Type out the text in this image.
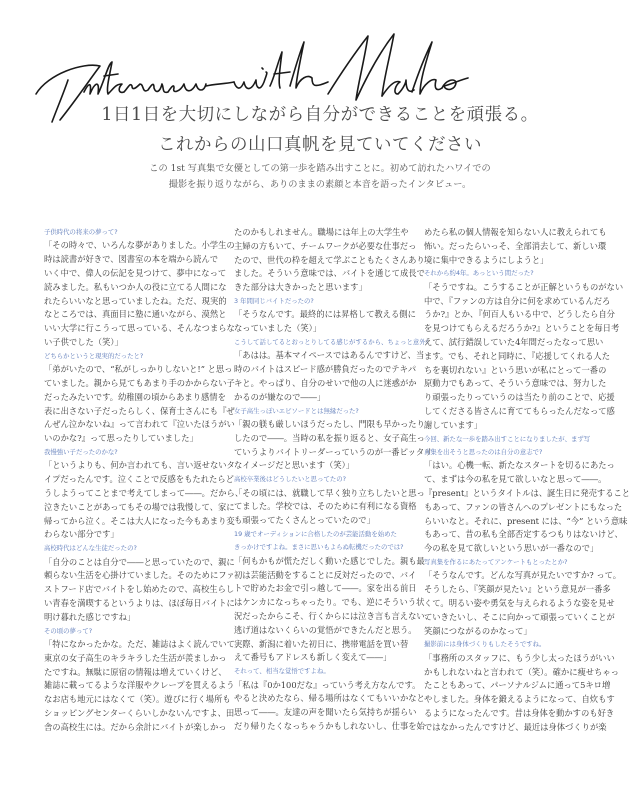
1日1日を大切にしながら自分ができることを頑張る。
これからの山口真帆を見ていてください
この 1st 写真集で女優としての第一歩を踏み出すことに。初めて訪れたハワイでの
撮影を振り返りながら、ありのままの素顔と本音を語ったインタビュー。
子供時代の将来の夢って?
「その時々で、いろんな夢がありました。小学生の
時は読書が好きで、図書室の本を端から読んで
いく中で、偉人の伝記を見つけて、夢中になって
読みました。私もいつか人の役に立てる人間にな
れたらいいなと思っていましたね。ただ、現実的
なところでは、真面目に塾に通いながら、漠然と
いい大学に行こうって思っている、そんなつまらな
い子供でした（笑）」
どちらかというと現実的だったと?
「弟がいたので、“私がしっかりしないと!” と思っ
ていました。親から見てもあまり手のかからない子
だったみたいです。幼稚園の頃からあまり感情を
表に出さない子だったらしく、保育士さんにも『ぜ
んぜん泣かないね』って言われて『泣いたほうがい
いのかな?』って思ったりしていました」
我慢強い子だったのかな?
「というよりも、何か言われても、言い返せないタ
イプだったんです。泣くことで反感をもたれたらど
うしようってことまで考えてしまって――。だから、
泣きたいことがあってもその場では我慢して、家に
帰ってから泣く。そこは大人になった今もあまり変
わらない部分です」
高校時代はどんな生徒だったの?
「自分のことは自分で――と思っていたので、親に
頼らない生活を心掛けていました。そのためにファ
ストフード店でバイトをし始めたので、高校生らし
い青春を満喫するというよりは、ほぼ毎日バイトに
明け暮れた感じですね」
その頃の夢って?
「特になかったかな。ただ、雑誌はよく読んでいて、
東京の女子高生のキラキラした生活が羨ましかっ
たですね。無駄に原宿の情報は増えていくけど、
雑誌に載ってるような洋服やクレープを買えるよう
なお店も地元にはなくて（笑）。遊びに行く場所も
ショッピングセンターくらいしかないんですよ、田
舎の高校生には。だから余計にバイトが楽しかっ
たのかもしれません。職場には年上の大学生や
主婦の方もいて、チームワークが必要な仕事だっ
たので、世代の枠を超えて学ぶこともたくさんあり
ました。そういう意味では、バイトを通じて成長で
きた部分は大きかったと思います」
3 年間同じバイトだったの?
「そうなんです。最終的には昇格して教える側に
なっていました（笑）」
こうして話してるとおっとりしてる感じがするから、ちょっと意外!
「あはは。基本マイペースではあるんですけど、当
時のバイトはスピード感が勝負だったのでテキパ
キと。やっぱり、自分のせいで他の人に迷惑がか
かるのが嫌なので――」
女子高生っぽいエピソードとは無縁だった?
「親の躾も厳しいほうだったし、門限も早かったり
したので――。当時の私を振り返ると、女子高生っ
ていうよりバイトリーダーっていうのが一番ピッタリ
なイメージだと思います（笑）」
高校卒業後はどうしたいと思ってたの?
「その頃には、就職して早く独り立ちしたいと思っ
てました。学校では、そのために有利になる資格
も頑張ってたくさんとっていたので」
19 歳でオーディションに合格したのが芸能活動を始めた
きっかけですよね。まさに思いもよらぬ転機だったのでは?
「何もかもが慌ただしく動いた感じでした。親も最
初は芸能活動をすることに反対だったので、バイ
トで貯めたお金で引っ越して――。家を出る前日
はケンカになっちゃったり。でも、逆にそういう状
況だったからこそ、行くからには泣き言も言えない、
逃げ道はないくらいの覚悟ができたんだと思う。
実際、新潟に着いた初日に、携帯電話を買い替
えて番号もアドレスも新しく変えて――」
それって、相当な覚悟ですよね。
「私は『0か100だな』っていう考え方なんです。
やると決めたなら、帰る場所はなくてもいいかなと
思って――。友達の声を聞いたら気持ちが揺らい
だり帰りたくなっちゃうかもしれないし、仕事を始
めたら私の個人情報を知らない人に教えられても
怖い。だったらいっそ、全部消去して、新しい環
境に集中できるようにしようと」
それから約4年。あっという間だった?
「そうですね。こうすることが正解というものがない
中で、『ファンの方は自分に何を求めているんだろ
うか?』とか、『何百人もいる中で、どうしたら自分
を見つけてもらえるだろうか?』ということを毎日考
えて、試行錯誤していた4年間だったなって思い
ます。でも、それと同時に、『応援してくれる人た
ちを裏切れない』という思いが私にとって一番の
原動力でもあって、そういう意味では、努力した
り頑張ったりっていうのは当たり前のことで、応援
してくださる皆さんに育ててもらったんだなって感
謝しています」
今回、新たな一歩を踏み出すことになりましたが、まず写
真集を出そうと思ったのは自分の意志で?
「はい。心機一転、新たなスタートを切るにあたっ
て、まずは今の私を見て欲しいなと思って――。
『present』というタイトルは、誕生日に発売すること
もあって、ファンの皆さんへのプレゼントにもなった
らいいなと。それに、present には、“今” という意味
もあって、昔の私も全部否定するつもりはないけど、
今の私を見て欲しいという思いが一番なので」
写真集を作るにあたってアンケートもとったとか?
「そうなんです。どんな写真が見たいですか? って。
そうしたら、『笑顔が見たい』という意見が一番多
くて。明るい姿や勇気を与えられるような姿を見せ
ていきたいし、そこに向かって頑張っていくことが
笑顔につながるのかなって」
撮影前には身体づくりもしたそうですね。
「事務所のスタッフに、もう少し太ったほうがいい
かもしれないねと言われて（笑）。確かに痩せちゃっ
たこともあって、パーソナルジムに通って5キロ増
やしました。身体を鍛えるようになって、自炊もす
るようになったんです。昔は身体を動かすのも好き
ではなかったんですけど、最近は身体づくりが楽
